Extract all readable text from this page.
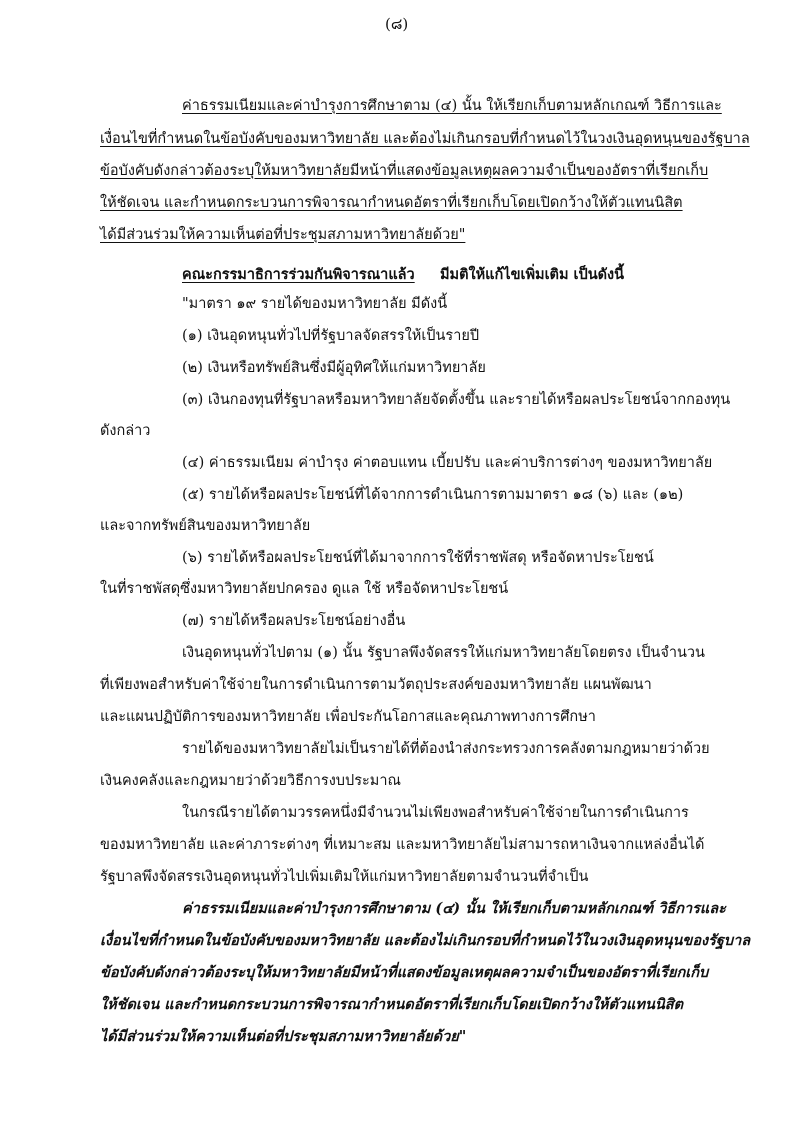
(๘)
ค่าธรรมเนียมและค่าบำรุงการศึกษาตาม (๔) นั้น ให้เรียกเก็บตามหลักเกณฑ์ วิธีการและ
เงื่อนไขที่กำหนดในข้อบังคับของมหาวิทยาลัย และต้องไม่เกินกรอบที่กำหนดไว้ในวงเงินอุดหนุนของรัฐบาล
ข้อบังคับดังกล่าวต้องระบุให้มหาวิทยาลัยมีหน้าที่แสดงข้อมูลเหตุผลความจำเป็นของอัตราที่เรียกเก็บ
ให้ชัดเจน และกำหนดกระบวนการพิจารณากำหนดอัตราที่เรียกเก็บโดยเปิดกว้างให้ตัวแทนนิสิต
ได้มีส่วนร่วมให้ความเห็นต่อที่ประชุมสภามหาวิทยาลัยด้วย"
คณะกรรมาธิการร่วมกันพิจารณาแล้ว มีมติให้แก้ไขเพิ่มเติม เป็นดังนี้
"มาตรา ๑๙ รายได้ของมหาวิทยาลัย มีดังนี้
(๑) เงินอุดหนุนทั่วไปที่รัฐบาลจัดสรรให้เป็นรายปี
(๒) เงินหรือทรัพย์สินซึ่งมีผู้อุทิศให้แก่มหาวิทยาลัย
(๓) เงินกองทุนที่รัฐบาลหรือมหาวิทยาลัยจัดตั้งขึ้น และรายได้หรือผลประโยชน์จากกองทุน
ดังกล่าว
(๔) ค่าธรรมเนียม ค่าบำรุง ค่าตอบแทน เบี้ยปรับ และค่าบริการต่างๆ ของมหาวิทยาลัย
(๕) รายได้หรือผลประโยชน์ที่ได้จากการดำเนินการตามมาตรา ๑๘ (๖) และ (๑๒)
และจากทรัพย์สินของมหาวิทยาลัย
(๖) รายได้หรือผลประโยชน์ที่ได้มาจากการใช้ที่ราชพัสดุ หรือจัดหาประโยชน์
ในที่ราชพัสดุซึ่งมหาวิทยาลัยปกครอง ดูแล ใช้ หรือจัดหาประโยชน์
(๗) รายได้หรือผลประโยชน์อย่างอื่น
เงินอุดหนุนทั่วไปตาม (๑) นั้น รัฐบาลพึงจัดสรรให้แก่มหาวิทยาลัยโดยตรง เป็นจำนวน
ที่เพียงพอสำหรับค่าใช้จ่ายในการดำเนินการตามวัตถุประสงค์ของมหาวิทยาลัย แผนพัฒนา
และแผนปฏิบัติการของมหาวิทยาลัย เพื่อประกันโอกาสและคุณภาพทางการศึกษา
รายได้ของมหาวิทยาลัยไม่เป็นรายได้ที่ต้องนำส่งกระทรวงการคลังตามกฎหมายว่าด้วย
เงินคงคลังและกฎหมายว่าด้วยวิธีการงบประมาณ
ในกรณีรายได้ตามวรรคหนึ่งมีจำนวนไม่เพียงพอสำหรับค่าใช้จ่ายในการดำเนินการ
ของมหาวิทยาลัย และค่าภาระต่างๆ ที่เหมาะสม และมหาวิทยาลัยไม่สามารถหาเงินจากแหล่งอื่นได้
รัฐบาลพึงจัดสรรเงินอุดหนุนทั่วไปเพิ่มเติมให้แก่มหาวิทยาลัยตามจำนวนที่จำเป็น
ค่าธรรมเนียมและค่าบำรุงการศึกษาตาม (๔) นั้น ให้เรียกเก็บตามหลักเกณฑ์ วิธีการและ
เงื่อนไขที่กำหนดในข้อบังคับของมหาวิทยาลัย และต้องไม่เกินกรอบที่กำหนดไว้ในวงเงินอุดหนุนของรัฐบาล
ข้อบังคับดังกล่าวต้องระบุให้มหาวิทยาลัยมีหน้าที่แสดงข้อมูลเหตุผลความจำเป็นของอัตราที่เรียกเก็บ
ให้ชัดเจน และกำหนดกระบวนการพิจารณากำหนดอัตราที่เรียกเก็บโดยเปิดกว้างให้ตัวแทนนิสิต
ได้มีส่วนร่วมให้ความเห็นต่อที่ประชุมสภามหาวิทยาลัยด้วย"
